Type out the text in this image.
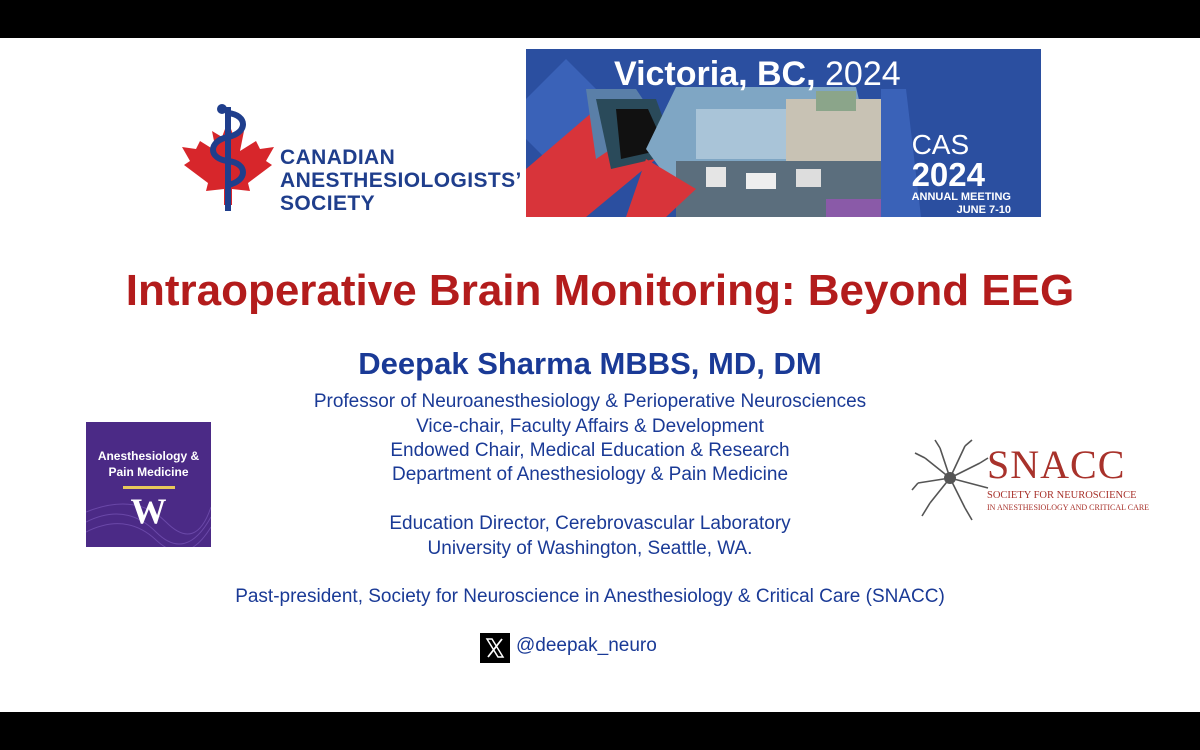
CANADIAN
ANESTHESIOLOGISTS’
SOCIETY
Victoria, BC, 2024
CAS
2024
ANNUAL MEETING
JUNE 7-10
Intraoperative Brain Monitoring: Beyond EEG
Deepak Sharma MBBS, MD, DM
Professor of Neuroanesthesiology & Perioperative Neurosciences
Vice-chair, Faculty Affairs & Development
Endowed Chair, Medical Education & Research
Department of Anesthesiology & Pain Medicine
Education Director, Cerebrovascular Laboratory
University of Washington, Seattle, WA.
Past-president, Society for Neuroscience in Anesthesiology & Critical Care (SNACC)
Anesthesiology &
Pain Medicine
W
SNACC
SOCIETY FOR NEUROSCIENCE
IN ANESTHESIOLOGY AND CRITICAL CARE
@deepak_neuro
